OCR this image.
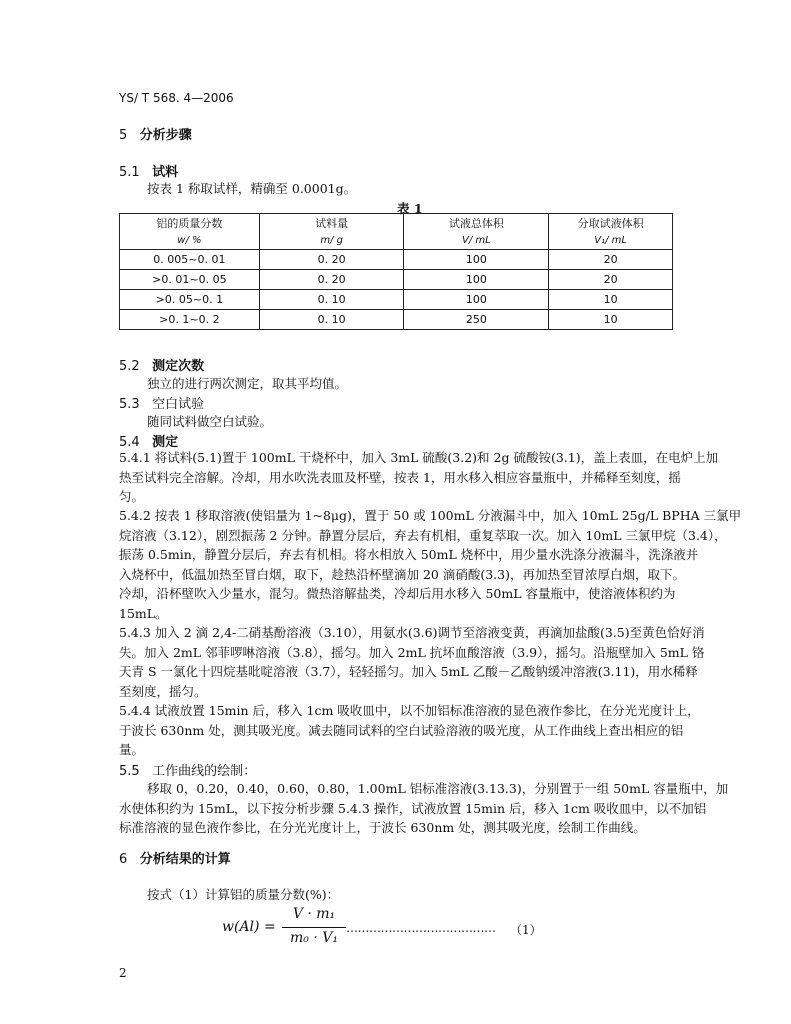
YS/ T 568. 4—2006
5 分析步骤
5.1 试料
按表 1 称取试样，精确至 0.0001g。
表 1
铝的质量分数	试料量	试液总体积	分取试液体积
w/ %	m/ g	V/ mL	V₁/ mL
0. 005~0. 01	0. 20	100	20
>0. 01~0. 05	0. 20	100	20
>0. 05~0. 1	0. 10	100	10
>0. 1~0. 2	0. 10	250	10
5.2 测定次数
独立的进行两次测定，取其平均值。
5.3 空白试验
随同试料做空白试验。
5.4 测定
5.4.1 将试料(5.1)置于 100mL 干烧杯中，加入 3mL 硫酸(3.2)和 2g 硫酸铵(3.1)，盖上表皿，在电炉上加
热至试料完全溶解。冷却，用水吹洗表皿及杯壁，按表 1，用水移入相应容量瓶中，并稀释至刻度，摇
匀。
5.4.2 按表 1 移取溶液(使铝量为 1~8μg)，置于 50 或 100mL 分液漏斗中，加入 10mL 25g/L BPHA 三氯甲
烷溶液（3.12），剧烈振荡 2 分钟。静置分层后，弃去有机相，重复萃取一次。加入 10mL 三氯甲烷（3.4），
振荡 0.5min，静置分层后，弃去有机相。将水相放入 50mL 烧杯中，用少量水洗涤分液漏斗，洗涤液并
入烧杯中，低温加热至冒白烟，取下，趁热沿杯壁滴加 20 滴硝酸(3.3)，再加热至冒浓厚白烟，取下。
冷却，沿杯壁吹入少量水，混匀。微热溶解盐类，冷却后用水移入 50mL 容量瓶中，使溶液体积约为
15mL。
5.4.3 加入 2 滴 2,4-二硝基酚溶液（3.10），用氨水(3.6)调节至溶液变黄，再滴加盐酸(3.5)至黄色恰好消
失。加入 2mL 邻菲啰啉溶液（3.8），摇匀。加入 2mL 抗坏血酸溶液（3.9），摇匀。沿瓶壁加入 5mL 铬
天青 S 一氯化十四烷基吡啶溶液（3.7），轻轻摇匀。加入 5mL 乙酸－乙酸钠缓冲溶液(3.11)，用水稀释
至刻度，摇匀。
5.4.4 试液放置 15min 后，移入 1cm 吸收皿中，以不加铝标准溶液的显色液作参比，在分光光度计上，
于波长 630nm 处，测其吸光度。减去随同试料的空白试验溶液的吸光度，从工作曲线上查出相应的铝
量。
5.5 工作曲线的绘制：
移取 0，0.20，0.40，0.60，0.80，1.00mL 铝标准溶液(3.13.3)，分别置于一组 50mL 容量瓶中，加
水使体积约为 15mL，以下按分析步骤 5.4.3 操作，试液放置 15min 后，移入 1cm 吸收皿中，以不加铝
标准溶液的显色液作参比，在分光光度计上，于波长 630nm 处，测其吸光度，绘制工作曲线。
6 分析结果的计算
按式（1）计算铝的质量分数(%)：
w(Al) =
V · m₁
m₀ · V₁
………………………………… （1）
2
